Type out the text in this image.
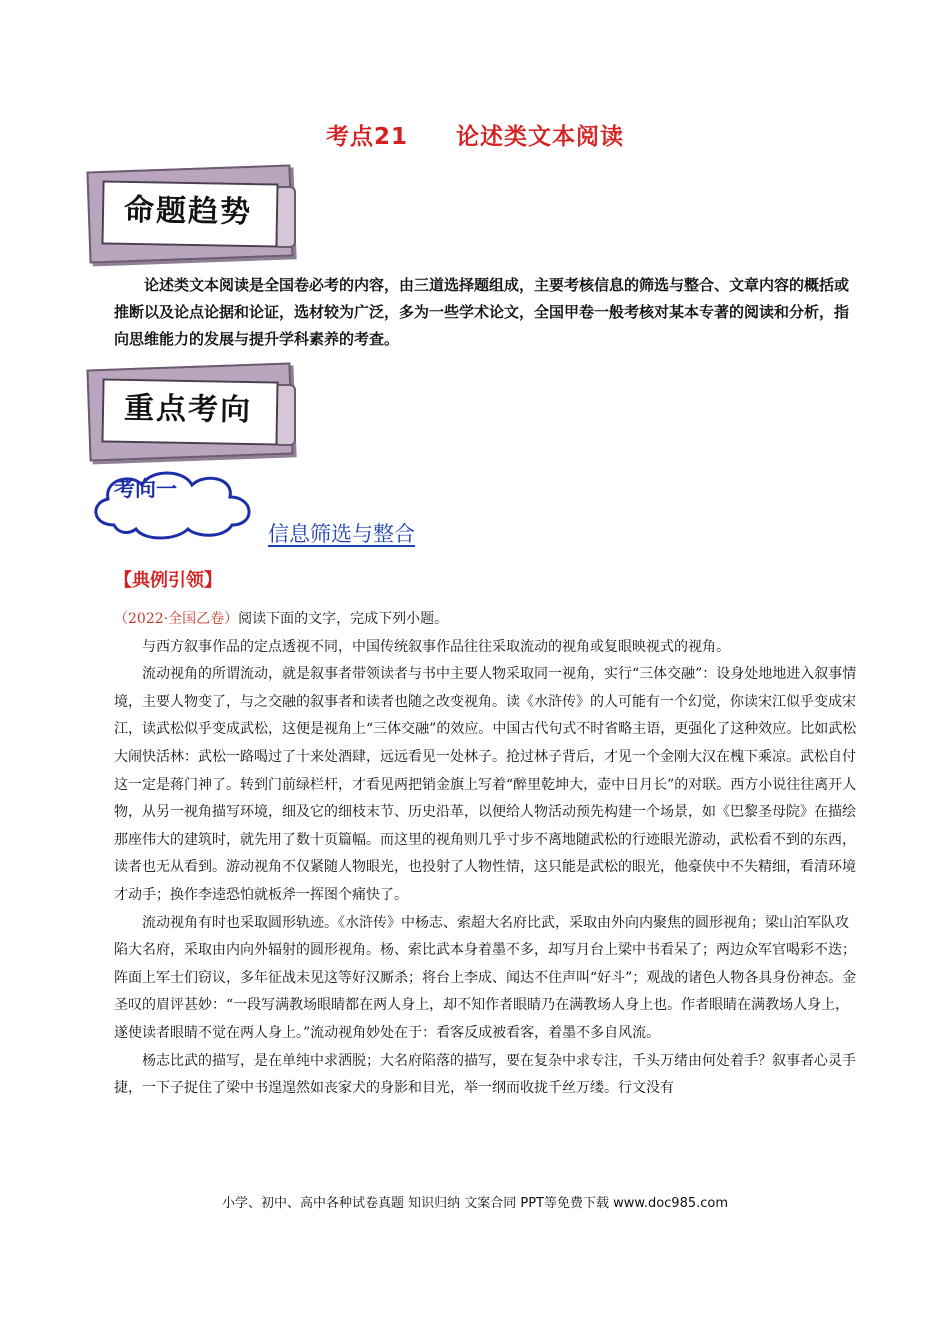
考点21 论述类文本阅读
命题趋势
论述类文本阅读是全国卷必考的内容，由三道选择题组成，主要考核信息的筛选与整合、文章内容的概括或推断以及论点论据和论证，选材较为广泛，多为一些学术论文，全国甲卷一般考核对某本专著的阅读和分析，指向思维能力的发展与提升学科素养的考查。
重点考向
考向一
信息筛选与整合
【典例引领】

（2022·全国乙卷）阅读下面的文字，完成下列小题。

与西方叙事作品的定点透视不同，中国传统叙事作品往往采取流动的视角或复眼映视式的视角。

流动视角的所谓流动，就是叙事者带领读者与书中主要人物采取同一视角，实行“三体交融”：设身处地地进入叙事情境，主要人物变了，与之交融的叙事者和读者也随之改变视角。读《水浒传》的人可能有一个幻觉，你读宋江似乎变成宋江，读武松似乎变成武松，这便是视角上“三体交融”的效应。中国古代句式不时省略主语，更强化了这种效应。比如武松大闹快活林：武松一路喝过了十来处酒肆，远远看见一处林子。抢过林子背后，才见一个金刚大汉在槐下乘凉。武松自付这一定是蒋门神了。转到门前绿栏杆，才看见两把销金旗上写着“醉里乾坤大，壶中日月长”的对联。西方小说往往离开人物，从另一视角描写环境，细及它的细枝末节、历史沿革，以便给人物活动预先构建一个场景，如《巴黎圣母院》在描绘那座伟大的建筑时，就先用了数十页篇幅。而这里的视角则几乎寸步不离地随武松的行迹眼光游动，武松看不到的东西，读者也无从看到。游动视角不仅紧随人物眼光，也投射了人物性情，这只能是武松的眼光，他豪侠中不失精细，看清环境才动手；换作李逵恐怕就板斧一挥图个痛快了。

流动视角有时也采取圆形轨迹。《水浒传》中杨志、索超大名府比武，采取由外向内聚焦的圆形视角；梁山泊军队攻陷大名府，采取由内向外辐射的圆形视角。杨、索比武本身着墨不多，却写月台上梁中书看呆了；两边众军官喝彩不迭；阵面上军士们窃议，多年征战未见这等好汉厮杀；将台上李成、闻达不住声叫“好斗”；观战的诸色人物各具身份神态。金圣叹的眉评甚妙：“一段写满教场眼睛都在两人身上，却不知作者眼睛乃在满教场人身上也。作者眼睛在满教场人身上，遂使读者眼睛不觉在两人身上。”流动视角妙处在于：看客反成被看客，着墨不多自风流。

杨志比武的描写，是在单纯中求洒脱；大名府陷落的描写，要在复杂中求专注，千头万绪由何处着手？叙事者心灵手捷，一下子捉住了梁中书遑遑然如丧家犬的身影和目光，举一纲而收拢千丝万缕。行文没有

小学、初中、高中各种试卷真题 知识归纳 文案合同 PPT等免费下载 www.doc985.com
